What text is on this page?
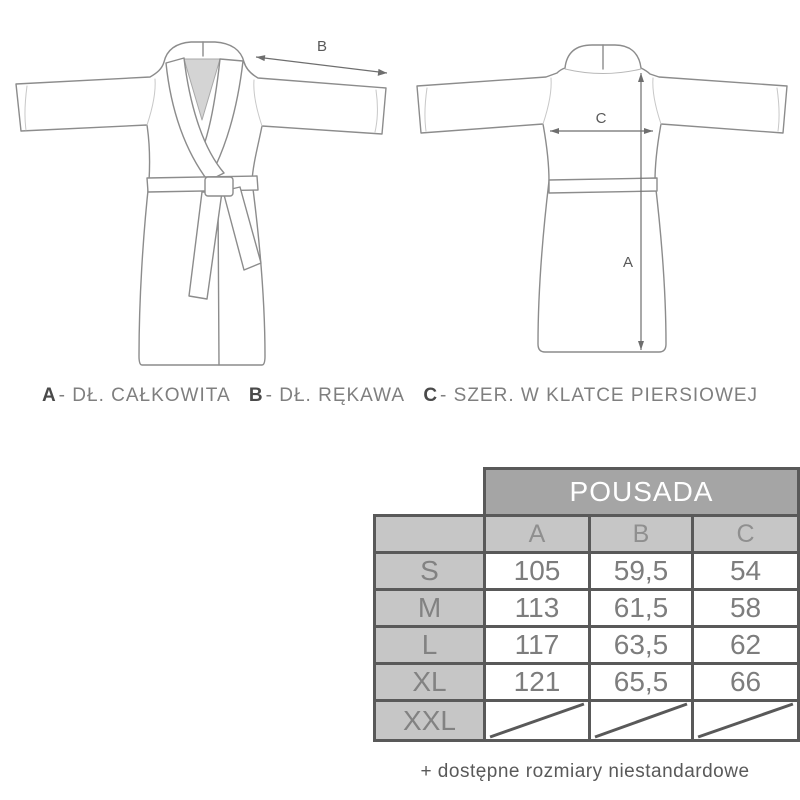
B
C
A
A - DŁ. CAŁKOWITA B - DŁ. RĘKAWA C - SZER. W KLATCE PIERSIOWEJ
	POUSADA		
	A	B	C
S	105	59,5	54
M	113	61,5	58
L	117	63,5	62
XL	121	65,5	66
XXL	

+ dostępne rozmiary niestandardowe
